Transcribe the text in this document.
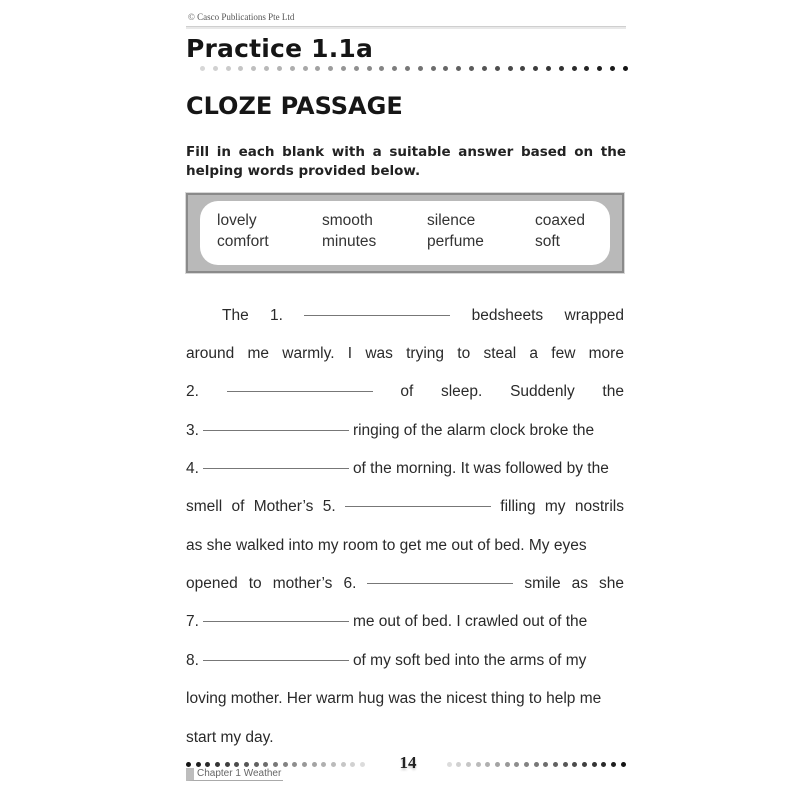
© Casco Publications Pte Ltd
Practice 1.1a
CLOZE PASSAGE
Fill in each blank with a suitable answer based on the helping words provided below.
lovely	smooth	silence	coaxed
comfort	minutes	perfume	soft
The 1.	bedsheets wrapped
around me warmly. I was trying to steal a few more
2.	of sleep. Suddenly the
3.	ringing of the alarm clock broke the
4.	of the morning. It was followed by the
smell of Mother’s 5.	filling my nostrils
as she walked into my room to get me out of bed. My eyes
opened to mother’s 6.	smile as she
7.	me out of bed. I crawled out of the
8.	of my soft bed into the arms of my
loving mother. Her warm hug was the nicest thing to help me
start my day.
14
Chapter 1 Weather
